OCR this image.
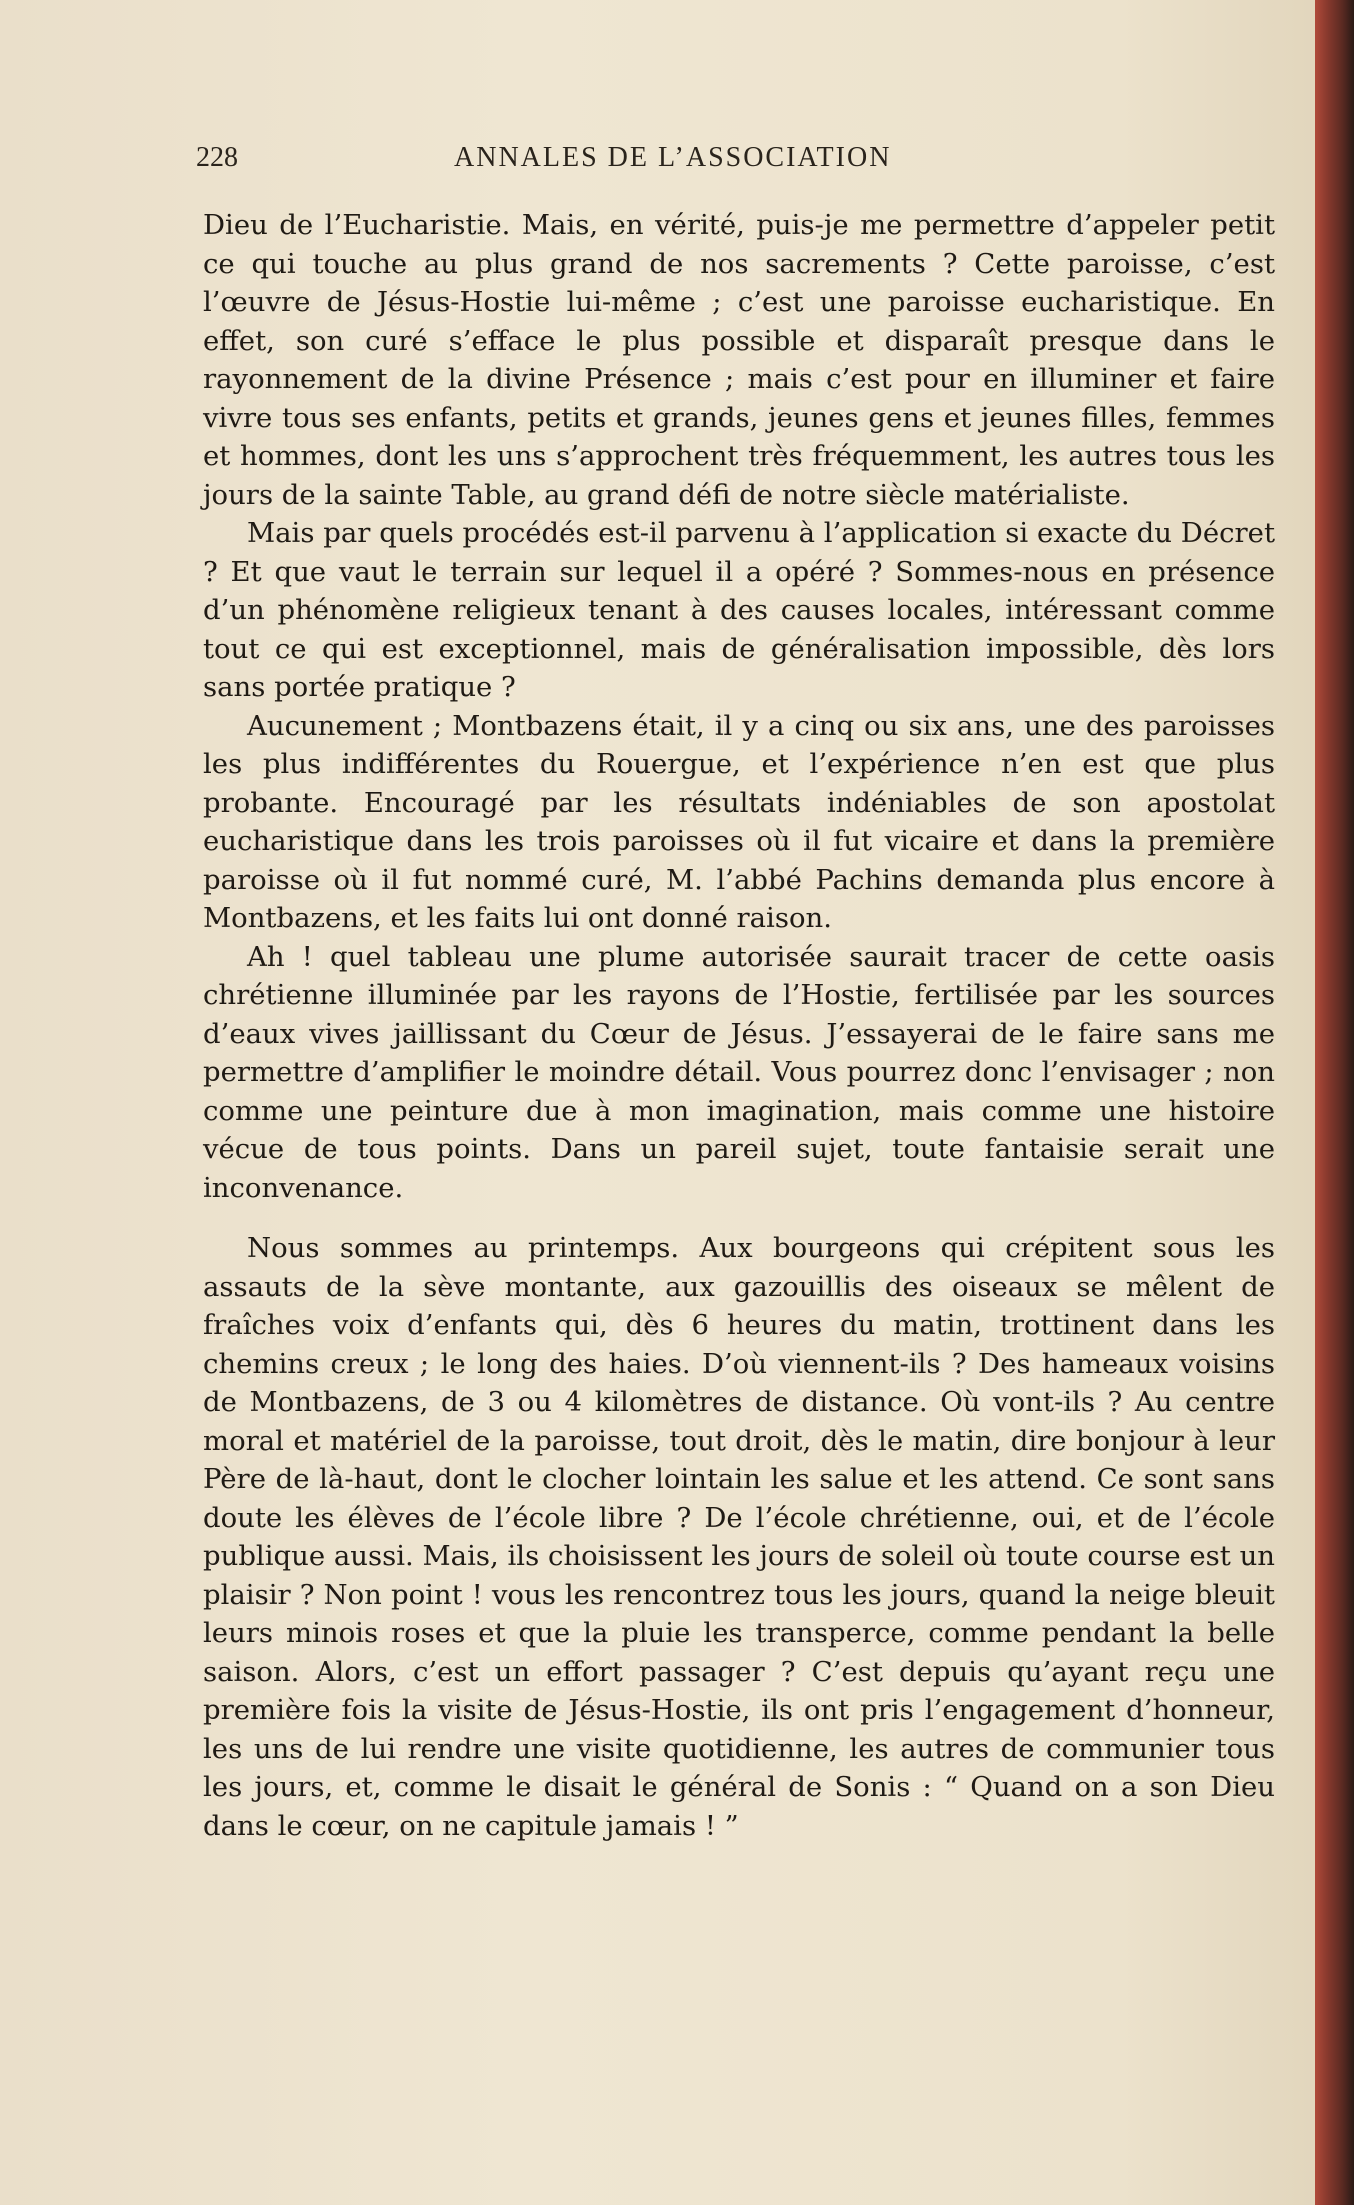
228	ANNALES DE L’ASSOCIATION

Dieu de l’Eucharistie. Mais, en vérité, puis-je me permettre d’appeler petit ce qui touche au plus grand de nos sacrements ? Cette paroisse, c’est l’œuvre de Jésus-Hostie lui-même ; c’est une paroisse eucharistique. En effet, son curé s’efface le plus possible et disparaît presque dans le rayonnement de la divine Présence ; mais c’est pour en illuminer et faire vivre tous ses enfants, petits et grands, jeunes gens et jeunes filles, femmes et hommes, dont les uns s’approchent très fréquemment, les autres tous les jours de la sainte Table, au grand défi de notre siècle matérialiste.

Mais par quels procédés est-il parvenu à l’application si exacte du Décret ? Et que vaut le terrain sur lequel il a opéré ? Sommes-nous en présence d’un phénomène religieux tenant à des causes locales, intéressant comme tout ce qui est exceptionnel, mais de généralisation impossible, dès lors sans portée pratique ?

Aucunement ; Montbazens était, il y a cinq ou six ans, une des paroisses les plus indifférentes du Rouergue, et l’expérience n’en est que plus probante. Encouragé par les résultats indéniables de son apostolat eucharistique dans les trois paroisses où il fut vicaire et dans la première paroisse où il fut nommé curé, M. l’abbé Pachins demanda plus encore à Montbazens, et les faits lui ont donné raison.

Ah ! quel tableau une plume autorisée saurait tracer de cette oasis chrétienne illuminée par les rayons de l’Hostie, fertilisée par les sources d’eaux vives jaillissant du Cœur de Jésus. J’essayerai de le faire sans me permettre d’amplifier le moindre détail. Vous pourrez donc l’envisager ; non comme une peinture due à mon imagination, mais comme une histoire vécue de tous points. Dans un pareil sujet, toute fantaisie serait une inconvenance.

Nous sommes au printemps. Aux bourgeons qui crépitent sous les assauts de la sève montante, aux gazouillis des oiseaux se mêlent de fraîches voix d’enfants qui, dès 6 heures du matin, trottinent dans les chemins creux ; le long des haies. D’où viennent-ils ? Des hameaux voisins de Montbazens, de 3 ou 4 kilomètres de distance. Où vont-ils ? Au centre moral et matériel de la paroisse, tout droit, dès le matin, dire bonjour à leur Père de là-haut, dont le clocher lointain les salue et les attend. Ce sont sans doute les élèves de l’école libre ? De l’école chrétienne, oui, et de l’école publique aussi. Mais, ils choisissent les jours de soleil où toute course est un plaisir ? Non point ! vous les rencontrez tous les jours, quand la neige bleuit leurs minois roses et que la pluie les transperce, comme pendant la belle saison. Alors, c’est un effort passager ? C’est depuis qu’ayant reçu une première fois la visite de Jésus-Hostie, ils ont pris l’engagement d’honneur, les uns de lui rendre une visite quotidienne, les autres de communier tous les jours, et, comme le disait le général de Sonis : “ Quand on a son Dieu dans le cœur, on ne capitule jamais ! ”
